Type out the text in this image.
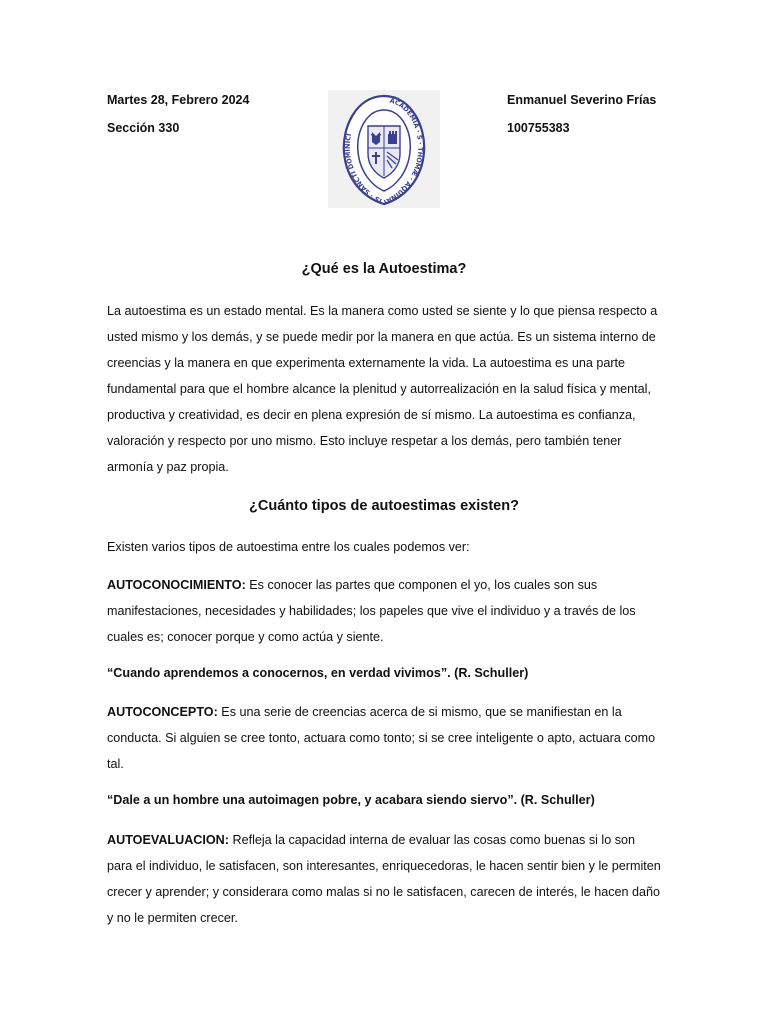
Martes 28, Febrero 2024
Sección 330
Enmanuel Severino Frías
100755383
ACADEMIA · S · THOMÆ · AQUINATIS · SANCTI DOMINICI
¿Qué es la Autoestima?

La autoestima es un estado mental. Es la manera como usted se siente y lo que piensa respecto a usted mismo y los demás, y se puede medir por la manera en que actúa. Es un sistema interno de creencias y la manera en que experimenta externamente la vida. La autoestima es una parte fundamental para que el hombre alcance la plenitud y autorrealización en la salud física y mental, productiva y creatividad, es decir en plena expresión de sí mismo. La autoestima es confianza, valoración y respecto por uno mismo. Esto incluye respetar a los demás, pero también tener armonía y paz propia.

¿Cuánto tipos de autoestimas existen?

Existen varios tipos de autoestima entre los cuales podemos ver:

AUTOCONOCIMIENTO: Es conocer las partes que componen el yo, los cuales son sus manifestaciones, necesidades y habilidades; los papeles que vive el individuo y a través de los cuales es; conocer porque y como actúa y siente.

“Cuando aprendemos a conocernos, en verdad vivimos”. (R. Schuller)

AUTOCONCEPTO: Es una serie de creencias acerca de si mismo, que se manifiestan en la conducta. Si alguien se cree tonto, actuara como tonto; si se cree inteligente o apto, actuara como tal.

“Dale a un hombre una autoimagen pobre, y acabara siendo siervo”. (R. Schuller)

AUTOEVALUACION: Refleja la capacidad interna de evaluar las cosas como buenas si lo son para el individuo, le satisfacen, son interesantes, enriquecedoras, le hacen sentir bien y le permiten crecer y aprender; y considerara como malas si no le satisfacen, carecen de interés, le hacen daño y no le permiten crecer.
